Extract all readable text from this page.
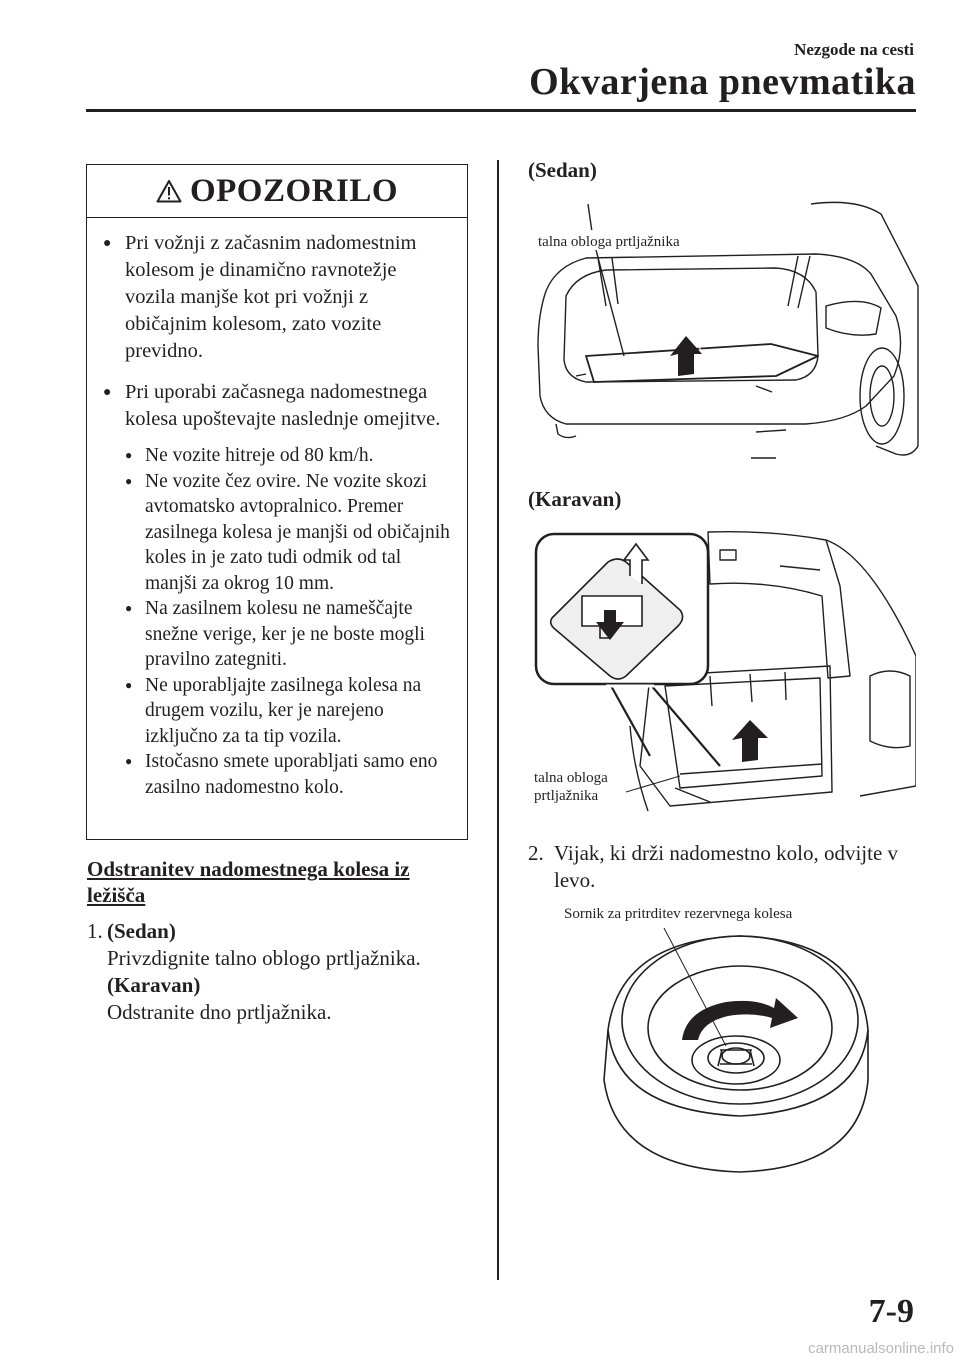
Nezgode na cesti
Okvarjena pnevmatika
OPOZORILO
● Pri vožnji z začasnim nadomestnim kolesom je dinamično ravnotežje vozila manjše kot pri vožnji z običajnim kolesom, zato vozite previdno.
● Pri uporabi začasnega nadomestnega kolesa upoštevajte naslednje omejitve.
● Ne vozite hitreje od 80 km/h.
● Ne vozite čez ovire. Ne vozite skozi avtomatsko avtopralnico. Premer zasilnega kolesa je manjši od običajnih koles in je zato tudi odmik od tal manjši za okrog 10 mm.
● Na zasilnem kolesu ne nameščajte snežne verige, ker je ne boste mogli pravilno zategniti.
● Ne uporabljajte zasilnega kolesa na drugem vozilu, ker je narejeno izključno za ta tip vozila.
● Istočasno smete uporabljati samo eno zasilno nadomestno kolo.
Odstranitev nadomestnega kolesa iz ležišča
1. (Sedan)
Privzdignite talno oblogo prtljažnika.
(Karavan)
Odstranite dno prtljažnika.
(Sedan)
talna obloga prtljažnika
(Karavan)
talna obloga
prtljažnika
2. Vijak, ki drži nadomestno kolo, odvijte v levo.
Sornik za pritrditev rezervnega kolesa
7-9
carmanualsonline.info
